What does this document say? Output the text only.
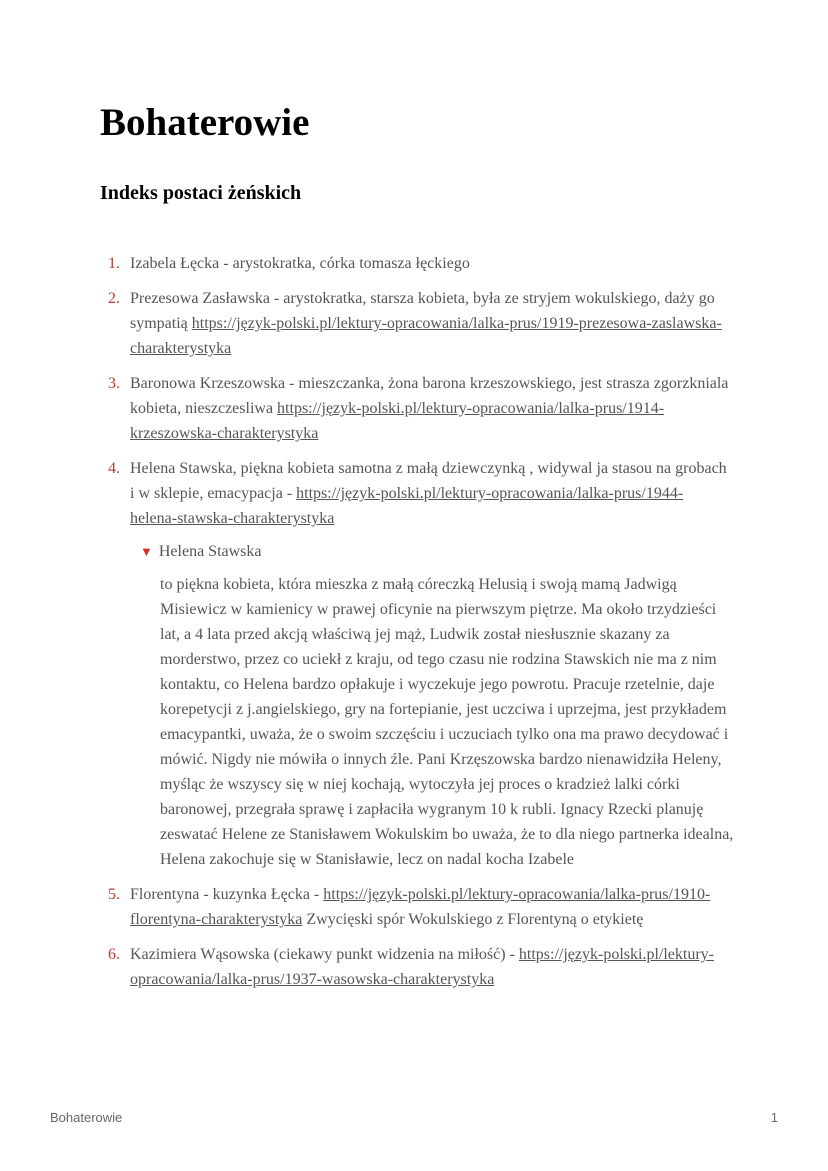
Bohaterowie
Indeks postaci żeńskich
1. Izabela Łęcka - arystokratka, córka tomasza łęckiego
2. Prezesowa Zasławska - arystokratka, starsza kobieta, była ze stryjem wokulskiego, daży go sympatią https://język-polski.pl/lektury-opracowania/lalka-prus/1919-prezesowa-zaslawska-charakterystyka
3. Baronowa Krzeszowska - mieszczanka, żona barona krzeszowskiego, jest strasza zgorzkniala kobieta, nieszczesliwa https://język-polski.pl/lektury-opracowania/lalka-prus/1914-krzeszowska-charakterystyka
4. Helena Stawska, piękna kobieta samotna z małą dziewczynką , widywal ja stasou na grobach i w sklepie, emacypacja - https://język-polski.pl/lektury-opracowania/lalka-prus/1944-helena-stawska-charakterystyka
▼ Helena Stawska
to piękna kobieta, która mieszka z małą córeczką Helusią i swoją mamą Jadwigą Misiewicz w kamienicy w prawej oficynie na pierwszym piętrze. Ma około trzydzieści lat, a 4 lata przed akcją właściwą jej mąż, Ludwik został niesłusznie skazany za morderstwo, przez co uciekł z kraju, od tego czasu nie rodzina Stawskich nie ma z nim kontaktu, co Helena bardzo opłakuje i wyczekuje jego powrotu. Pracuje rzetelnie, daje korepetycji z j.angielskiego, gry na fortepianie, jest uczciwa i uprzejma, jest przykładem emacypantki, uważa, że o swoim szczęściu i uczuciach tylko ona ma prawo decydować i mówić. Nigdy nie mówiła o innych źle. Pani Krzęszowska bardzo nienawidziła Heleny, myśląc że wszyscy się w niej kochają, wytoczyła jej proces o kradzież lalki córki baronowej, przegrała sprawę i zapłaciła wygranym 10 k rubli. Ignacy Rzecki planuję zeswatać Helene ze Stanisławem Wokulskim bo uważa, że to dla niego partnerka idealna, Helena zakochuje się w Stanisławie, lecz on nadal kocha Izabele
5. Florentyna - kuzynka Łęcka - https://język-polski.pl/lektury-opracowania/lalka-prus/1910-florentyna-charakterystyka Zwycięski spór Wokulskiego z Florentyną o etykietę
6. Kazimiera Wąsowska (ciekawy punkt widzenia na miłość) - https://język-polski.pl/lektury-opracowania/lalka-prus/1937-wasowska-charakterystyka
Bohaterowie	1
